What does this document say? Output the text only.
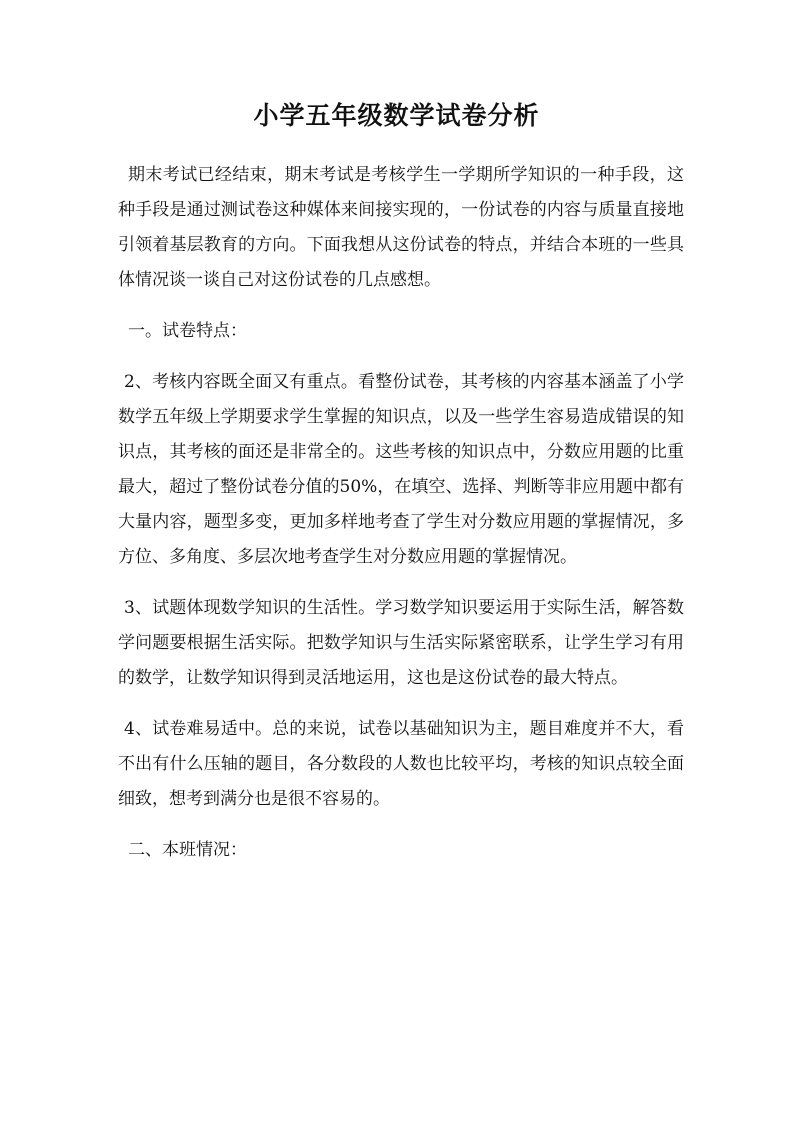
小学五年级数学试卷分析

期末考试已经结束，期末考试是考核学生一学期所学知识的一种手段，这种手段是通过测试卷这种媒体来间接实现的，一份试卷的内容与质量直接地引领着基层教育的方向。下面我想从这份试卷的特点，并结合本班的一些具体情况谈一谈自己对这份试卷的几点感想。

一。试卷特点：

2、考核内容既全面又有重点。看整份试卷，其考核的内容基本涵盖了小学数学五年级上学期要求学生掌握的知识点，以及一些学生容易造成错误的知识点，其考核的面还是非常全的。这些考核的知识点中，分数应用题的比重最大，超过了整份试卷分值的50%，在填空、选择、判断等非应用题中都有大量内容，题型多变，更加多样地考查了学生对分数应用题的掌握情况，多方位、多角度、多层次地考查学生对分数应用题的掌握情况。

3、试题体现数学知识的生活性。学习数学知识要运用于实际生活，解答数学问题要根据生活实际。把数学知识与生活实际紧密联系，让学生学习有用的数学，让数学知识得到灵活地运用，这也是这份试卷的最大特点。

4、试卷难易适中。总的来说，试卷以基础知识为主，题目难度并不大，看不出有什么压轴的题目，各分数段的人数也比较平均，考核的知识点较全面细致，想考到满分也是很不容易的。

二、本班情况：
